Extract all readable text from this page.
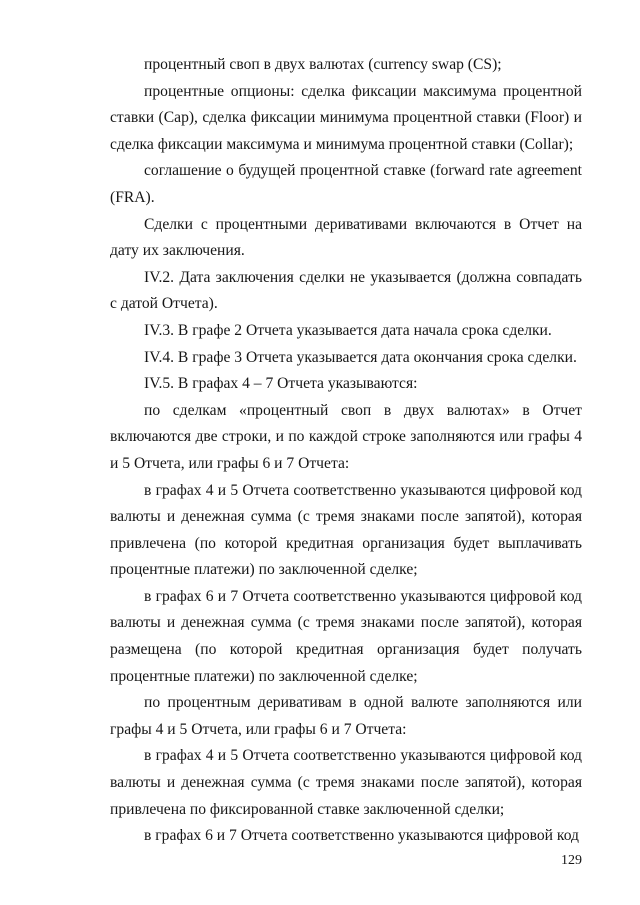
процентный своп в двух валютах (currency swap (CS);

процентные опционы: сделка фиксации максимума процентной ставки (Cap), сделка фиксации минимума процентной ставки (Floor) и сделка фиксации максимума и минимума процентной ставки (Collar);

соглашение о будущей процентной ставке (forward rate agreement (FRA).

Сделки с процентными деривативами включаются в Отчет на дату их заключения.

IV.2. Дата заключения сделки не указывается (должна совпадать с датой Отчета).

IV.3. В графе 2 Отчета указывается дата начала срока сделки.

IV.4. В графе 3 Отчета указывается дата окончания срока сделки.

IV.5. В графах 4 – 7 Отчета указываются:

по сделкам «процентный своп в двух валютах» в Отчет включаются две строки, и по каждой строке заполняются или графы 4 и 5 Отчета, или графы 6 и 7 Отчета:

в графах 4 и 5 Отчета соответственно указываются цифровой код валюты и денежная сумма (с тремя знаками после запятой), которая привлечена (по которой кредитная организация будет выплачивать процентные платежи) по заключенной сделке;

в графах 6 и 7 Отчета соответственно указываются цифровой код валюты и денежная сумма (с тремя знаками после запятой), которая размещена (по которой кредитная организация будет получать процентные платежи) по заключенной сделке;

по процентным деривативам в одной валюте заполняются или графы 4 и 5 Отчета, или графы 6 и 7 Отчета:

в графах 4 и 5 Отчета соответственно указываются цифровой код валюты и денежная сумма (с тремя знаками после запятой), которая привлечена по фиксированной ставке заключенной сделки;

в графах 6 и 7 Отчета соответственно указываются цифровой код

129
